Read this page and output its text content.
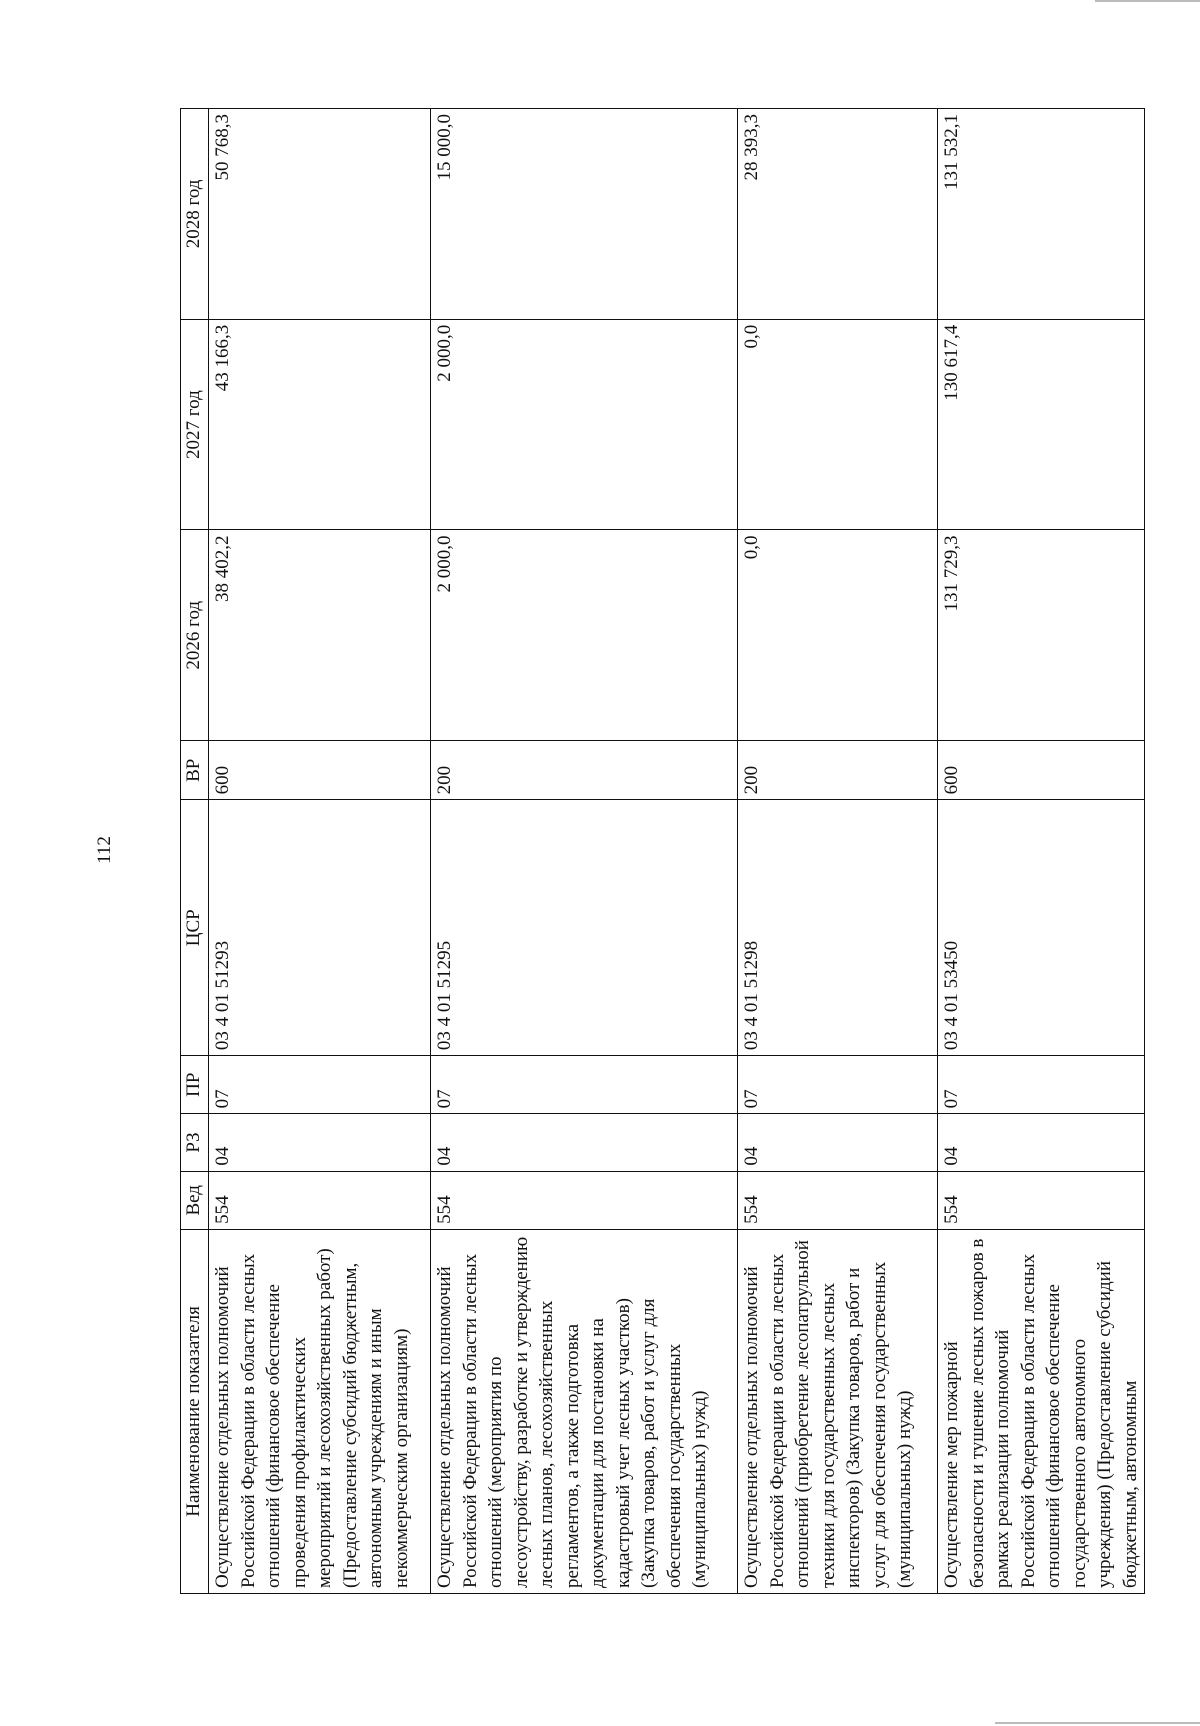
112
Наименование показателя	Вед	РЗ	ПР	ЦСР	ВР	2026 год	2027 год	2028 год
Осуществление отдельных полномочий Российской Федерации в области лесных отношений (финансовое обеспечение проведения профилактических мероприятий и лесохозяйственных работ) (Предоставление субсидий бюджетным, автономным учреждениям и иным некоммерческим организациям)	554	04	07	03 4 01 51293	600	38 402,2	43 166,3	50 768,3
Осуществление отдельных полномочий Российской Федерации в области лесных отношений (мероприятия по лесоустройству, разработке и утверждению лесных планов, лесохозяйственных регламентов, а также подготовка документации для постановки на кадастровый учет лесных участков) (Закупка товаров, работ и услуг для обеспечения государственных (муниципальных) нужд)	554	04	07	03 4 01 51295	200	2 000,0	2 000,0	15 000,0
Осуществление отдельных полномочий Российской Федерации в области лесных отношений (приобретение лесопатрульной техники для государственных лесных инспекторов) (Закупка товаров, работ и услуг для обеспечения государственных (муниципальных) нужд)	554	04	07	03 4 01 51298	200	0,0	0,0	28 393,3
Осуществление мер пожарной безопасности и тушение лесных пожаров в рамках реализации полномочий Российской Федерации в области лесных отношений (финансовое обеспечение государственного автономного учреждения) (Предоставление субсидий бюджетным, автономным	554	04	07	03 4 01 53450	600	131 729,3	130 617,4	131 532,1
